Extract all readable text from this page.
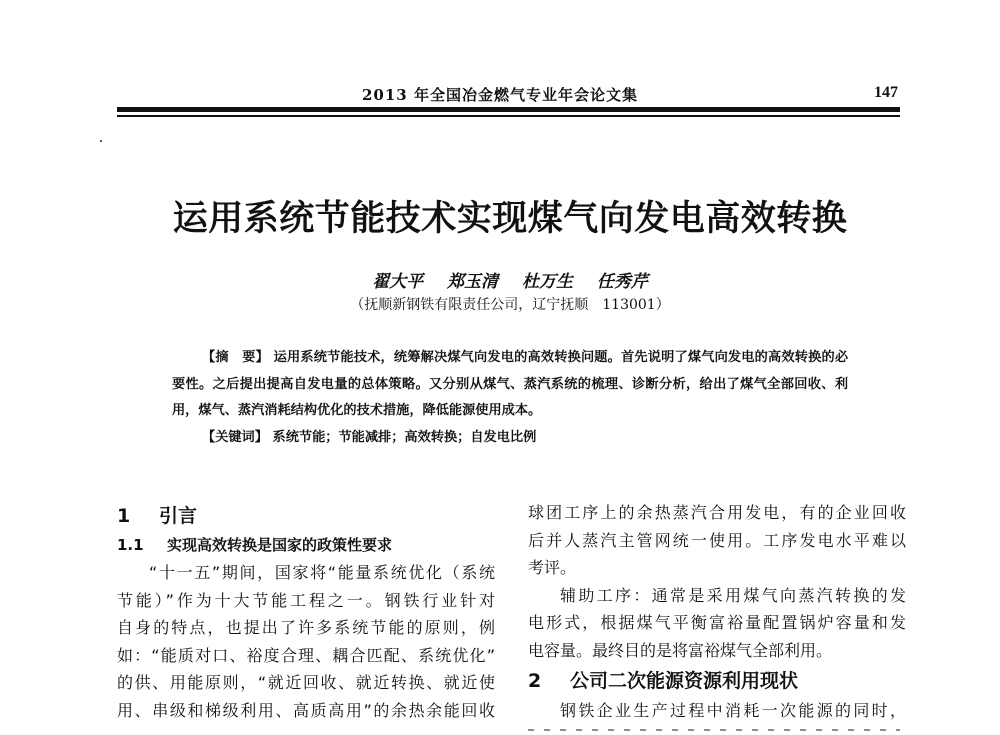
2013 年全国冶金燃气专业年会论文集	147
运用系统节能技术实现煤气向发电高效转换
翟大平 郑玉清 杜万生 任秀芹
（抚顺新钢铁有限责任公司，辽宁抚顺　113001）

【摘　要】 运用系统节能技术，统筹解决煤气向发电的高效转换问题。首先说明了煤气向发电的高效转换的必要性。之后提出提高自发电量的总体策略。又分别从煤气、蒸汽系统的梳理、诊断分析，给出了煤气全部回收、利用，煤气、蒸汽消耗结构优化的技术措施，降低能源使用成本。

【关键词】 系统节能；节能减排；高效转换；自发电比例

1 引言
1.1 实现高效转换是国家的政策性要求

“十一五”期间，国家将“能量系统优化（系统

节能）”作为十大节能工程之一。钢铁行业针对

自身的特点，也提出了许多系统节能的原则，例

如：“能质对口、裕度合理、耦合匹配、系统优化”

的供、用能原则，“就近回收、就近转换、就近使

用、串级和梯级利用、高质高用”的余热余能回收

球团工序上的余热蒸汽合用发电，有的企业回收

后并人蒸汽主管网统一使用。工序发电水平难以

考评。

辅助工序：通常是采用煤气向蒸汽转换的发

电形式，根据煤气平衡富裕量配置锅炉容量和发

电容量。最终目的是将富裕煤气全部利用。

2 公司二次能源资源利用现状

钢铁企业生产过程中消耗一次能源的同时，
